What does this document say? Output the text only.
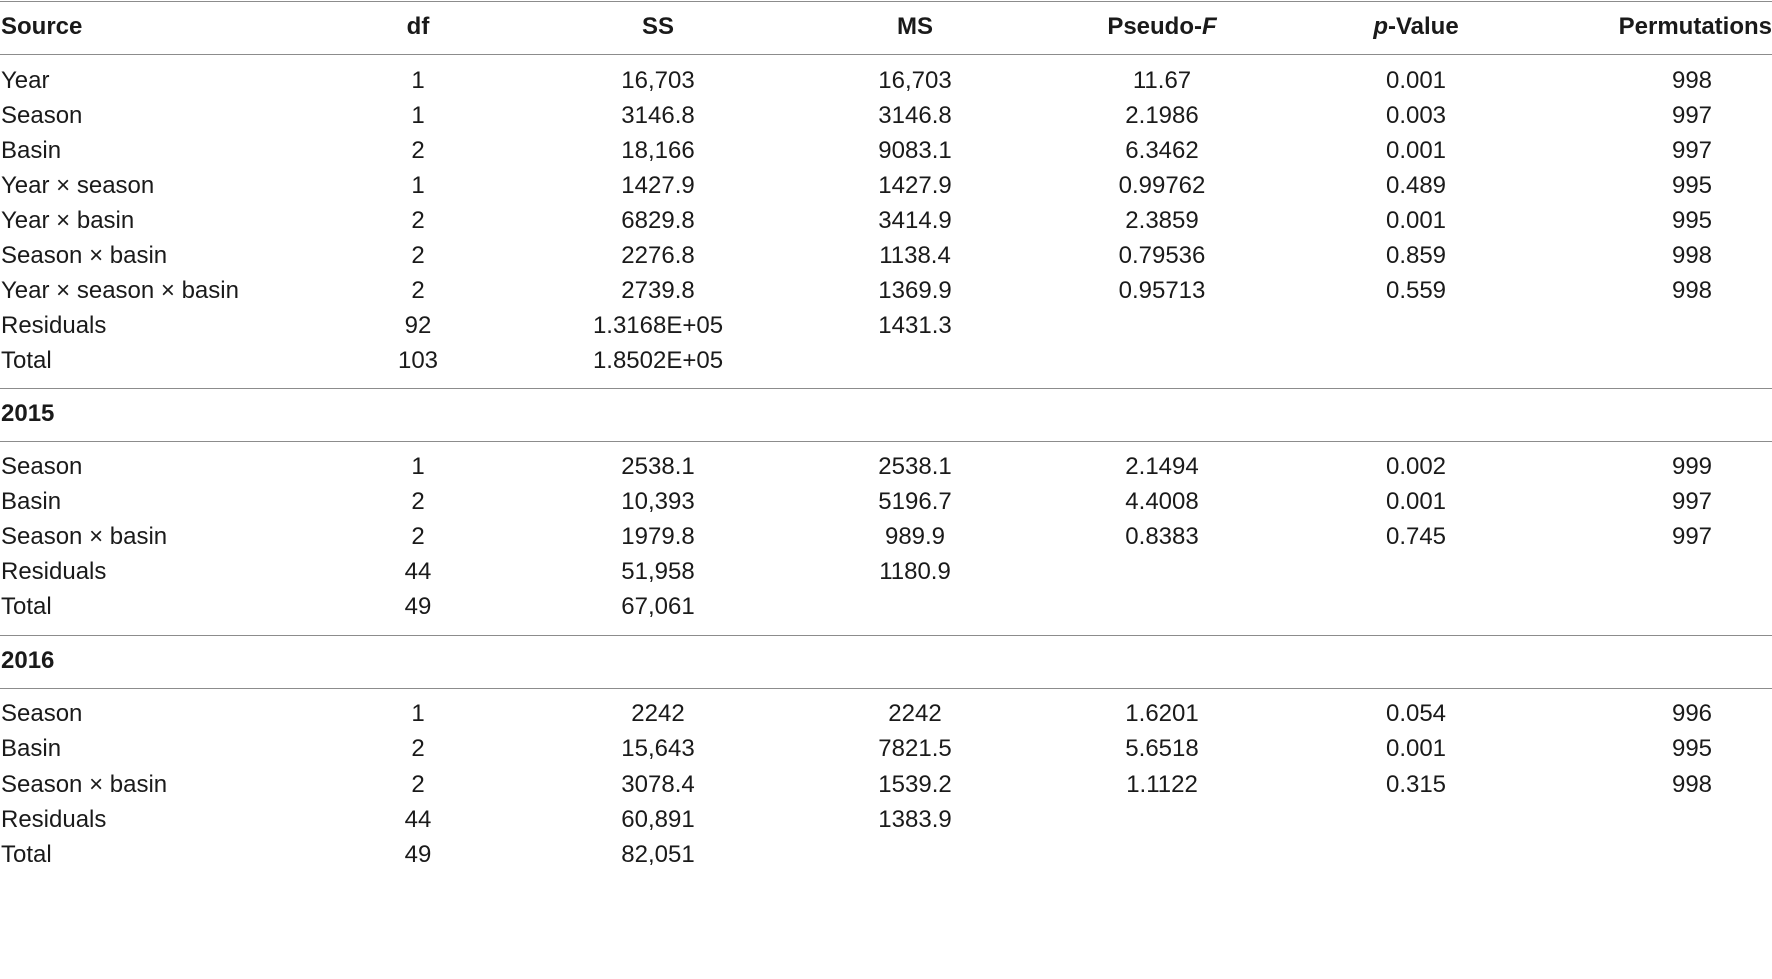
Source	df	SS	MS	Pseudo-F	p-Value	Permutations
Year	1	16,703	16,703	11.67	0.001	998
Season	1	3146.8	3146.8	2.1986	0.003	997
Basin	2	18,166	9083.1	6.3462	0.001	997
Year × season	1	1427.9	1427.9	0.99762	0.489	995
Year × basin	2	6829.8	3414.9	2.3859	0.001	995
Season × basin	2	2276.8	1138.4	0.79536	0.859	998
Year × season × basin	2	2739.8	1369.9	0.95713	0.559	998
Residuals	92	1.3168E+05	1431.3
Total	103	1.8502E+05
2015
Season	1	2538.1	2538.1	2.1494	0.002	999
Basin	2	10,393	5196.7	4.4008	0.001	997
Season × basin	2	1979.8	989.9	0.8383	0.745	997
Residuals	44	51,958	1180.9
Total	49	67,061
2016
Season	1	2242	2242	1.6201	0.054	996
Basin	2	15,643	7821.5	5.6518	0.001	995
Season × basin	2	3078.4	1539.2	1.1122	0.315	998
Residuals	44	60,891	1383.9
Total	49	82,051
